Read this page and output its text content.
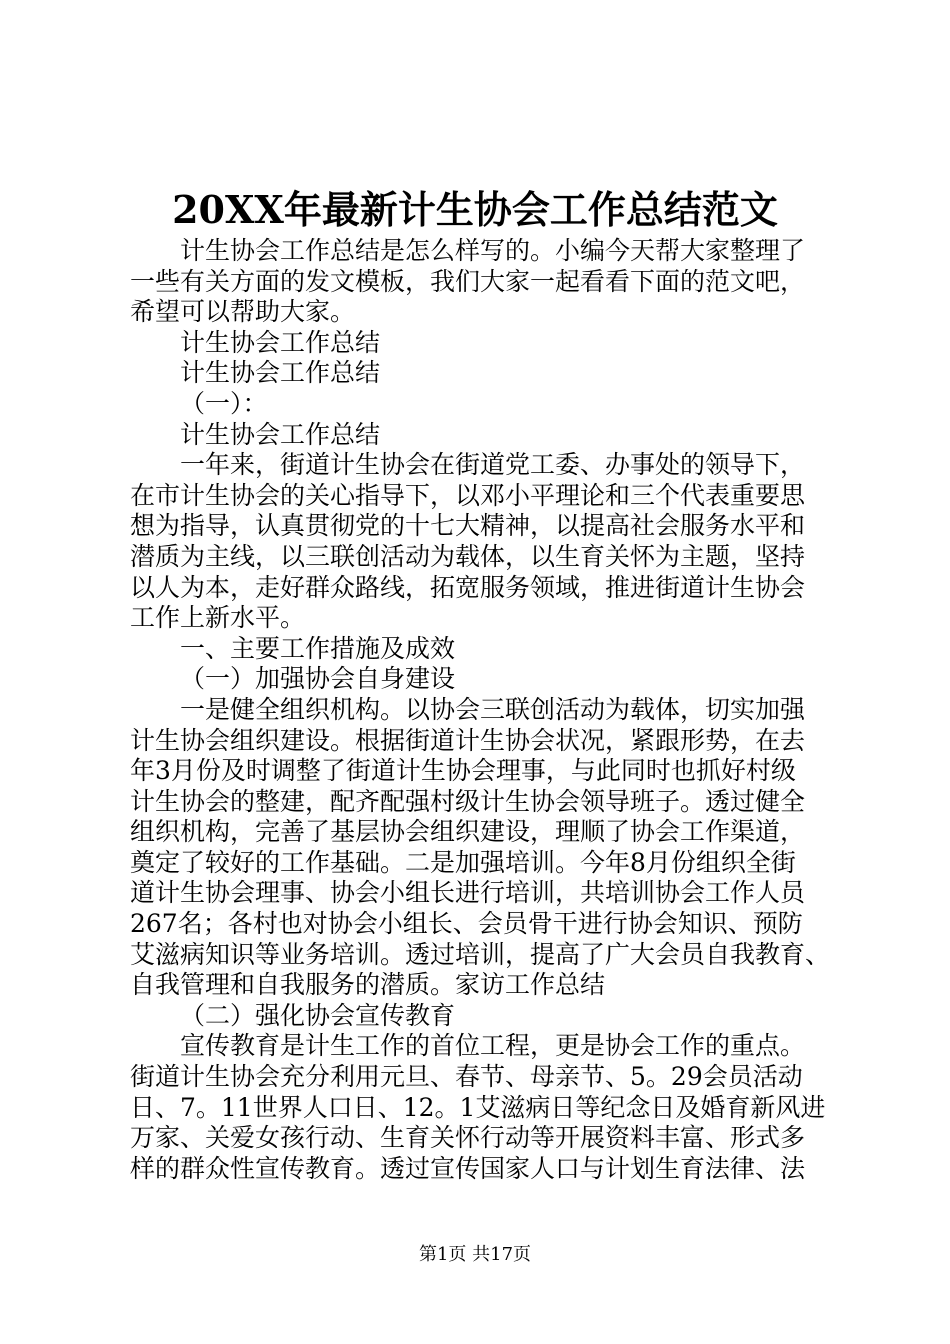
20XX年最新计生协会工作总结范文
计生协会工作总结是怎么样写的。小编今天帮大家整理了
一些有关方面的发文模板，我们大家一起看看下面的范文吧，
希望可以帮助大家。
计生协会工作总结
计生协会工作总结
（一）：
计生协会工作总结
一年来，街道计生协会在街道党工委、办事处的领导下，
在市计生协会的关心指导下，以邓小平理论和三个代表重要思
想为指导，认真贯彻党的十七大精神，以提高社会服务水平和
潜质为主线，以三联创活动为载体，以生育关怀为主题，坚持
以人为本，走好群众路线，拓宽服务领域，推进街道计生协会
工作上新水平。
一、主要工作措施及成效
（一）加强协会自身建设
一是健全组织机构。以协会三联创活动为载体，切实加强
计生协会组织建设。根据街道计生协会状况，紧跟形势，在去
年3月份及时调整了街道计生协会理事，与此同时也抓好村级
计生协会的整建，配齐配强村级计生协会领导班子。透过健全
组织机构，完善了基层协会组织建设，理顺了协会工作渠道，
奠定了较好的工作基础。二是加强培训。今年8月份组织全街
道计生协会理事、协会小组长进行培训，共培训协会工作人员
267名；各村也对协会小组长、会员骨干进行协会知识、预防
艾滋病知识等业务培训。透过培训，提高了广大会员自我教育、
自我管理和自我服务的潜质。家访工作总结
（二）强化协会宣传教育
宣传教育是计生工作的首位工程，更是协会工作的重点。
街道计生协会充分利用元旦、春节、母亲节、5。29会员活动
日、7。11世界人口日、12。1艾滋病日等纪念日及婚育新风进
万家、关爱女孩行动、生育关怀行动等开展资料丰富、形式多
样的群众性宣传教育。透过宣传国家人口与计划生育法律、法
第1页 共17页
